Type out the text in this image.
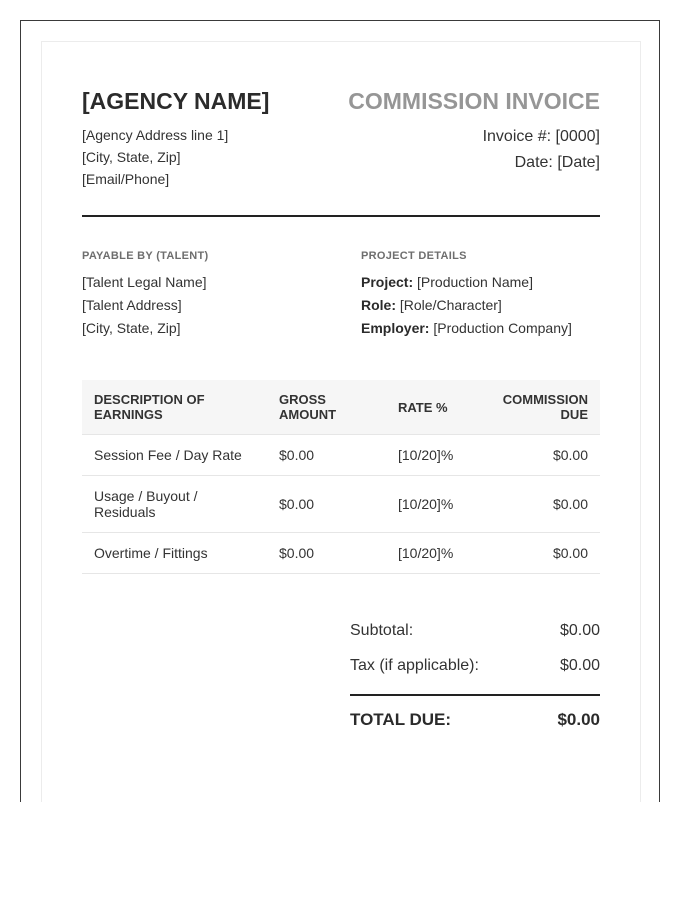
[AGENCY NAME]	COMMISSION INVOICE
[Agency Address line 1]
[City, State, Zip]
[Email/Phone]
Invoice #: [0000]
Date: [Date]
PAYABLE BY (TALENT)
[Talent Legal Name]
[Talent Address]
[City, State, Zip]
PROJECT DETAILS
Project: [Production Name]
Role: [Role/Character]
Employer: [Production Company]
DESCRIPTION OF EARNINGS	GROSS AMOUNT	RATE %	COMMISSION DUE
Session Fee / Day Rate	$0.00	[10/20]%	$0.00
Usage / Buyout / Residuals	$0.00	[10/20]%	$0.00
Overtime / Fittings	$0.00	[10/20]%	$0.00
Subtotal:	$0.00
Tax (if applicable):	$0.00
TOTAL DUE:	$0.00
